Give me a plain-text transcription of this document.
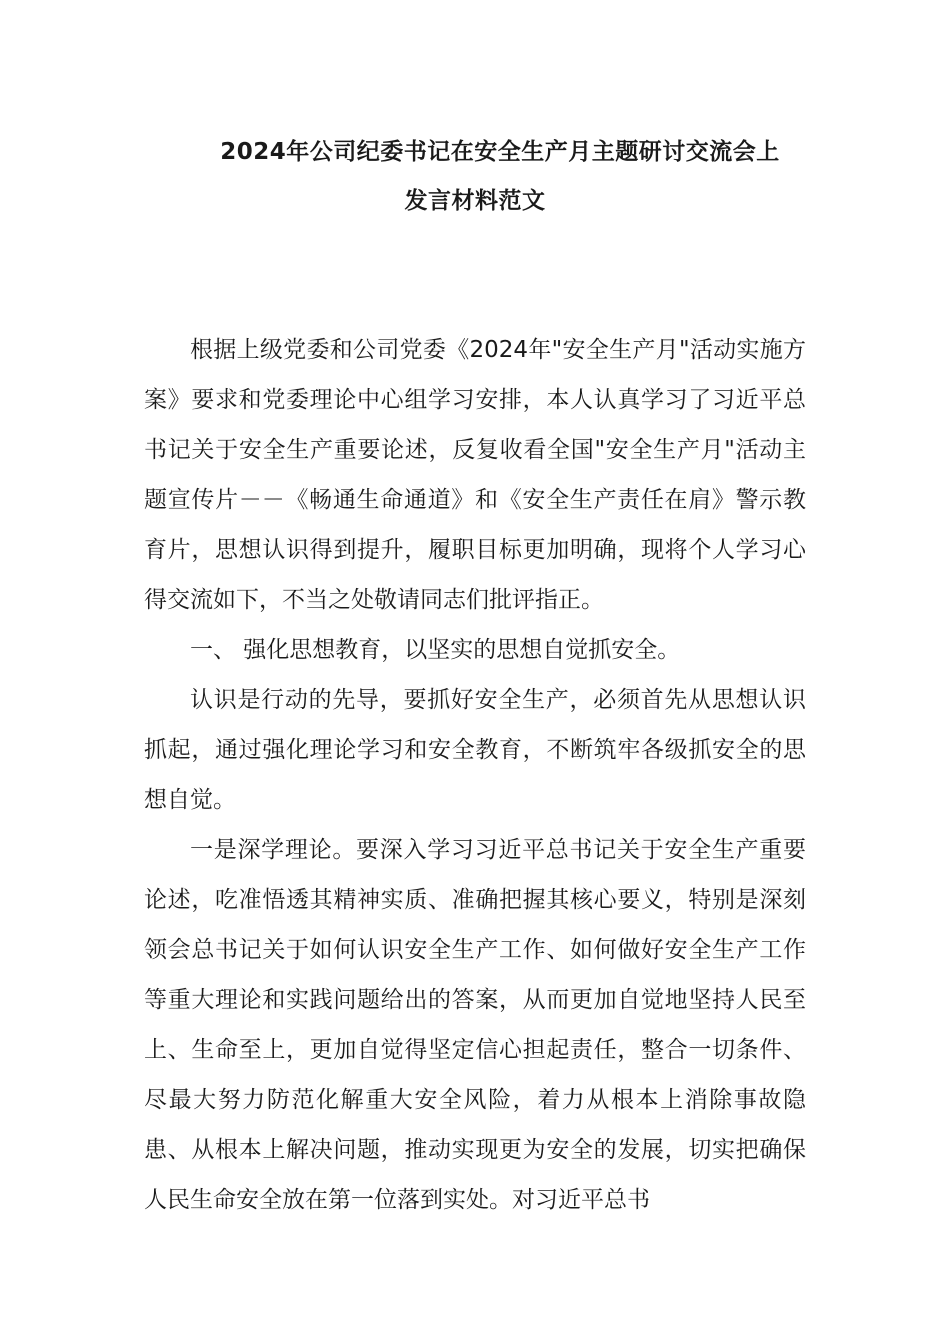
2024年公司纪委书记在安全生产月主题研讨交流会上
发言材料范文

根据上级党委和公司党委《2024年"安全生产月"活动实施方案》要求和党委理论中心组学习安排，本人认真学习了习近平总书记关于安全生产重要论述，反复收看全国"安全生产月"活动主题宣传片－－《畅通生命通道》和《安全生产责任在肩》警示教育片，思想认识得到提升，履职目标更加明确，现将个人学习心得交流如下，不当之处敬请同志们批评指正。

一、 强化思想教育，以坚实的思想自觉抓安全。

认识是行动的先导，要抓好安全生产，必须首先从思想认识抓起，通过强化理论学习和安全教育，不断筑牢各级抓安全的思想自觉。

一是深学理论。要深入学习习近平总书记关于安全生产重要论述，吃准悟透其精神实质、准确把握其核心要义，特别是深刻领会总书记关于如何认识安全生产工作、如何做好安全生产工作等重大理论和实践问题给出的答案，从而更加自觉地坚持人民至上、生命至上，更加自觉得坚定信心担起责任，整合一切条件、尽最大努力防范化解重大安全风险，着力从根本上消除事故隐患、从根本上解决问题，推动实现更为安全的发展，切实把确保人民生命安全放在第一位落到实处。对习近平总书
